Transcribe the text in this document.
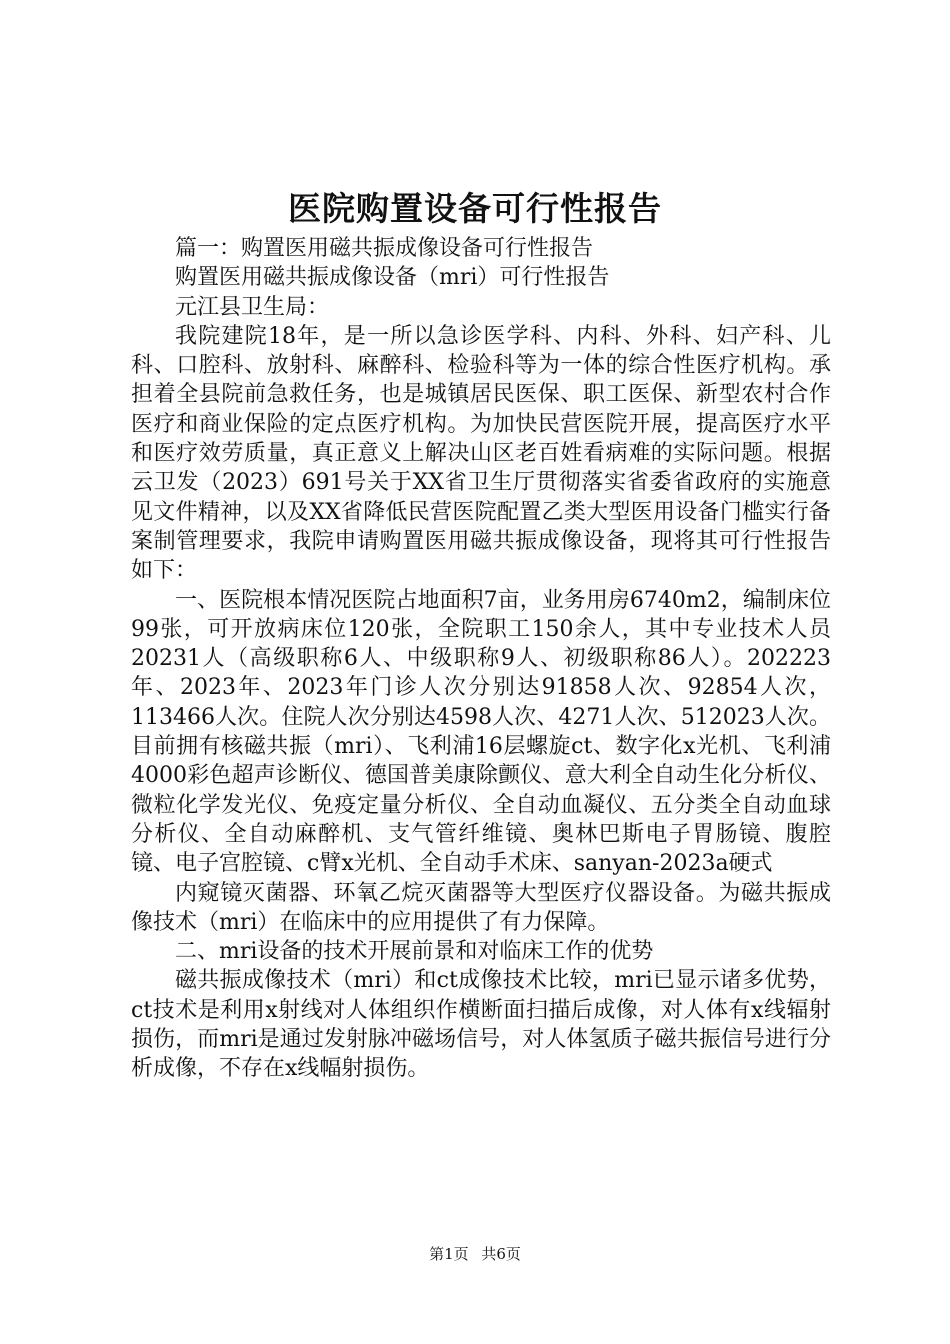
医院购置设备可行性报告

篇一：购置医用磁共振成像设备可行性报告

购置医用磁共振成像设备（mri）可行性报告

元江县卫生局：

我院建院18年，是一所以急诊医学科、内科、外科、妇产科、儿科、口腔科、放射科、麻醉科、检验科等为一体的综合性医疗机构。承担着全县院前急救任务，也是城镇居民医保、职工医保、新型农村合作医疗和商业保险的定点医疗机构。为加快民营医院开展，提高医疗水平和医疗效劳质量，真正意义上解决山区老百姓看病难的实际问题。根据云卫发（2023）691号关于XX省卫生厅贯彻落实省委省政府的实施意见文件精神，以及XX省降低民营医院配置乙类大型医用设备门槛实行备案制管理要求，我院申请购置医用磁共振成像设备，现将其可行性报告如下：

一、医院根本情况医院占地面积7亩，业务用房6740m2，编制床位99张，可开放病床位120张，全院职工150余人，其中专业技术人员20231人（高级职称6人、中级职称9人、初级职称86人）。202223年、2023年、2023年门诊人次分别达91858人次、92854人次，113466人次。住院人次分别达4598人次、4271人次、512023人次。目前拥有核磁共振（mri）、飞利浦16层螺旋ct、数字化x光机、飞利浦4000彩色超声诊断仪、德国普美康除颤仪、意大利全自动生化分析仪、微粒化学发光仪、免疫定量分析仪、全自动血凝仪、五分类全自动血球分析仪、全自动麻醉机、支气管纤维镜、奥林巴斯电子胃肠镜、腹腔镜、电子宫腔镜、c臂x光机、全自动手术床、sanyan-2023a硬式

内窥镜灭菌器、环氧乙烷灭菌器等大型医疗仪器设备。为磁共振成像技术（mri）在临床中的应用提供了有力保障。

二、mri设备的技术开展前景和对临床工作的优势

磁共振成像技术（mri）和ct成像技术比较，mri已显示诸多优势，ct技术是利用x射线对人体组织作横断面扫描后成像，对人体有x线辐射损伤，而mri是通过发射脉冲磁场信号，对人体氢质子磁共振信号进行分析成像，不存在x线幅射损伤。

第1页 共6页
